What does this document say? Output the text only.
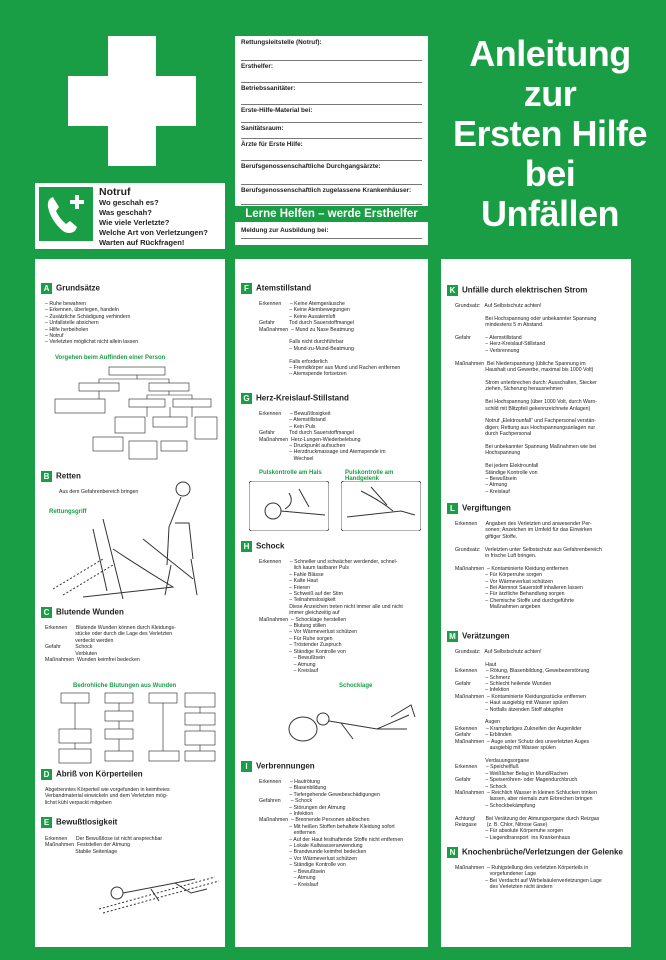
Anleitung
zur
Ersten Hilfe
bei
Unfällen
Notruf
Wo geschah es?
Was geschah?
Wie viele Verletzte?
Welche Art von Verletzungen?
Warten auf Rückfragen!
Rettungsleitstelle (Notruf):
Ersthelfer:
Betriebssanitäter:
Erste-Hilfe-Material bei:
Sanitätsraum:
Ärzte für Erste Hilfe:
Berufsgenossenschaftliche Durchgangsärzte:
Berufsgenossenschaftlich zugelassene Krankenhäuser:
Lerne Helfen – werde Ersthelfer
Meldung zur Ausbildung bei:
A Grundsätze
– Ruhe bewahren
– Erkennen, überlegen, handeln
– Zusätzliche Schädigung verhindern
– Unfallstelle absichern
– Hilfe herbeiholen
– Notruf
– Verletzten möglichst nicht allein lassen
Vorgehen beim Auffinden einer Person
B Retten
Aus dem Gefahrenbereich bringen
Rettungsgriff
C Blutende Wunden
Erkennen      Blutende Wunden können durch Kleidungs-
stücke oder durch die Lage des Verletzten
verdeckt werden
Gefahr          Schock
Verbluten
Maßnahmen  Wunden keimfrei bedecken
Bedrohliche Blutungen aus Wunden
D Abriß von Körperteilen
Abgetrenntes Körperteil wie vorgefunden in keimfreies
Verbandmaterial einwickeln und dem Verletzten mög-
lichst kühl verpackt mitgeben
E Bewußtlosigkeit
Erkennen      Der Bewußtlose ist nicht ansprechbar
Maßnahmen  Feststellen der Atmung
Stabile Seitenlage
F Atemstillstand
Erkennen      – Keine Atemgeräusche
– Keine Atembewegungen
– Keine Ausatemluft
Gefahr          Tod durch Sauerstoffmangel
Maßnahmen  – Mund zu Nase Beatmung

Falls nicht durchführbar
– Mund-zu-Mund-Beatmung

Falls erforderlich
– Fremdkörper aus Mund und Rachen entfernen
– Atemspende fortsetzen
G Herz-Kreislauf-Stillstand
Erkennen      – Bewußtlosigkeit
– Atemstillstand
– Kein Puls
Gefahr          Tod durch Sauerstoffmangel
Maßnahmen  Herz-Lungen-Wiederbelebung
– Druckpunkt aufsuchen
– Herzdruckmassage und Atemspende im
Wechsel
Pulskontrolle am Hals	Pulskontrolle am Handgelenk
H Schock
Erkennen      – Schneller und schwächer werdender, schnel-
lich kaum tastbarer Puls
– Fahle Blässe
– Kalte Haut
– Frieren
– Schweiß auf der Stirn
– Teilnahmslosigkeit
Diese Anzeichen treten nicht immer alle und nicht
immer gleichzeitig auf
Maßnahmen  – Schocklage herstellen
– Blutung stillen
– Vor Wärmeverlust schützen
– Für Ruhe sorgen
– Tröstender Zuspruch
– Ständige Kontrolle von
– Bewußtsein
– Atmung
– Kreislauf
Schocklage
I Verbrennungen
Erkennen      – Hautrötung
– Blasenbildung
– Tiefergehende Gewebeschädigungen
Gefahren       – Schock
– Störungen der Atmung
– Infektion
Maßnahmen  – Brennende Personen ablöschen
– Mit heißen Stoffen behaftete Kleidung sofort
entfernen
– Auf der Haut festhaftende Stoffe nicht entfernen
– Lokale Kaltwasseranwendung
– Brandwunde keimfrei bedecken
– Vor Wärmeverlust schützen
– Ständige Kontrolle von
– Bewußtsein
– Atmung
– Kreislauf
K Unfälle durch elektrischen Strom
Grundsatz:   Auf Selbstschutz achten!

Bei Hochspannung oder unbekannter Spannung
mindestens 5 m Abstand.

Gefahr          – Atemstillstand
– Herz-Kreislauf-Stillstand
– Verbrennung

Maßnahmen  Bei Niederspannung (übliche Spannung im
Haushalt und Gewerbe, maximal bis 1000 Volt)

Strom unterbrechen durch: Ausschalten, Stecker
ziehen, Sicherung herausnehmen

Bei Hochspannung (über 1000 Volt, durch Warn-
schild mit Blitzpfeil gekennzeichnete Anlagen)

Notruf „Elektrounfall“ und Fachpersonal verstän-
digen; Rettung aus Hochspannungsanlagen nur
durch Fachpersonal

Bei unbekannter Spannung Maßnahmen wie bei
Hochspannung

Bei jedem Elektrounfall
Ständige Kontrolle von
– Bewußtsein
– Atmung
– Kreislauf
L Vergiftungen
Erkennen      Angaben des Verletzten und anwesender Per-
sonen; Anzeichen im Umfeld für das Einwirken
giftiger Stoffe.

Grundsatz:   Verletzten unter Selbstschutz aus Gefahrenbereich
in frische Luft bringen.

Maßnahmen  – Kontaminierte Kleidung entfernen
– Für Körperruhe sorgen
– Vor Wärmeverlust schützen
– Bei Atemnot Sauerstoff inhalieren lassen
– Für ärztliche Behandlung sorgen
– Chemische Stoffe und durchgeführte
Maßnahmen angeben
M Verätzungen
Grundsatz:   Auf Selbstschutz achten!

Haut
Erkennen      – Rötung, Blasenbildung, Gewebezerstörung
– Schmerz
Gefahr          – Schlecht heilende Wunden
– Infektion
Maßnahmen  – Kontaminierte Kleidungsstücke entfernen
– Haut ausgiebig mit Wasser spülen
– Notfalls ätzenden Stoff abtupfen

Augen
Erkennen      – Krampfartiges Zukneifen der Augenlider
Gefahr          – Erblinden
Maßnahmen  – Auge unter Schutz des unverletzten Auges
ausgiebig mit Wasser spülen

Verdauungsorgane
Erkennen      – Speichelfluß
– Weißlicher Belag in Mund/Rachen
Gefahr          – Speiseröhren- oder Magendurchbruch
– Schock
Maßnahmen  – Reichlich Wasser in kleinen Schlucken trinken
lassen, aber niemals zum Erbrechen bringen
– Schockbekämpfung

Achtung!       Bei Verätzung der Atmungsorgane durch Reizgas
Reizgase       (z. B. Chlor, Nitrose Gase)
– Für absolute Körperruhe sorgen
– Liegendtransport  ins Krankenhaus
N Knochenbrüche/Verletzungen der Gelenke
Maßnahmen  – Ruhigstellung des verletzten Körperteils in
vorgefundener Lage
– Bei Verdacht auf Wirbelsäulenverletzungen Lage
des Verletzten nicht ändern
